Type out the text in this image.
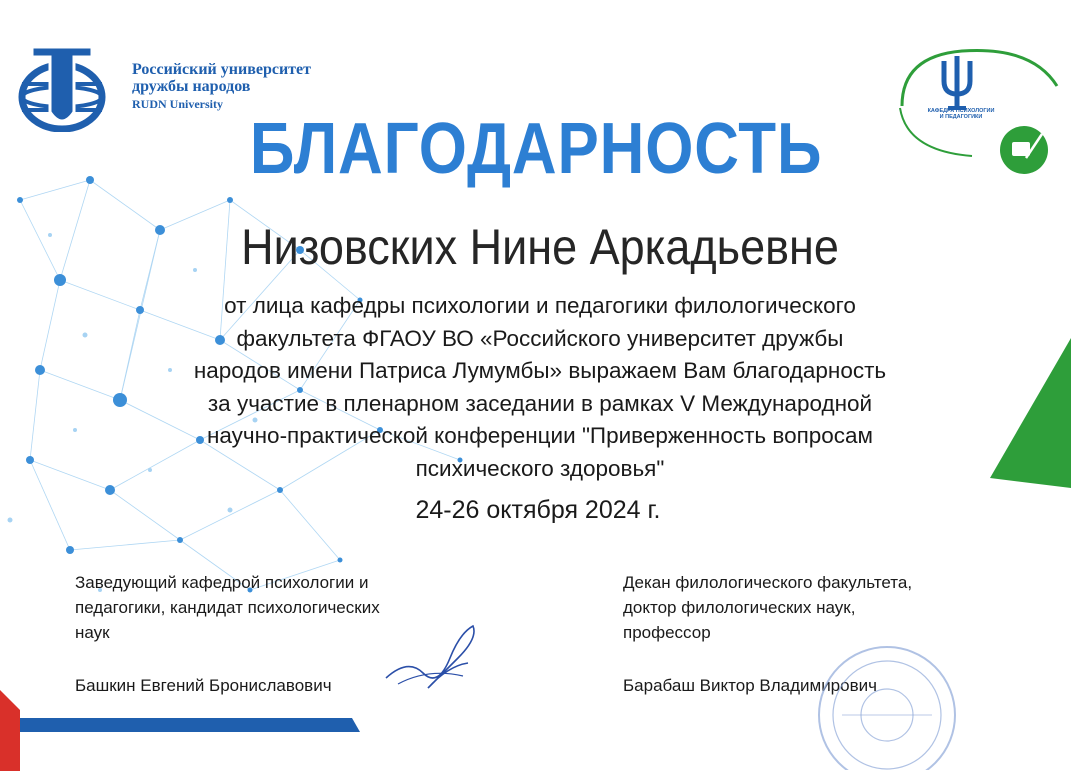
Российский университет
дружбы народов
RUDN University
КАФЕДРА ПСИХОЛОГИИ
И ПЕДАГОГИКИ
БЛАГОДАРНОСТЬ
Низовских Нине Аркадьевне
от лица кафедры психологии и педагогики филологического
факультета ФГАОУ ВО «Российского университет дружбы
народов имени Патриса Лумумбы» выражаем Вам благодарность
за участие в пленарном заседании в рамках V Международной
научно-практической конференции "Приверженность вопросам
психического здоровья"
24-26 октября 2024 г.
Заведующий кафедрой психологии и
педагогики, кандидат психологических
наук
Башкин Евгений Брониславович
Декан филологического факультета,
доктор филологических наук,
профессор
Барабаш Виктор Владимирович
